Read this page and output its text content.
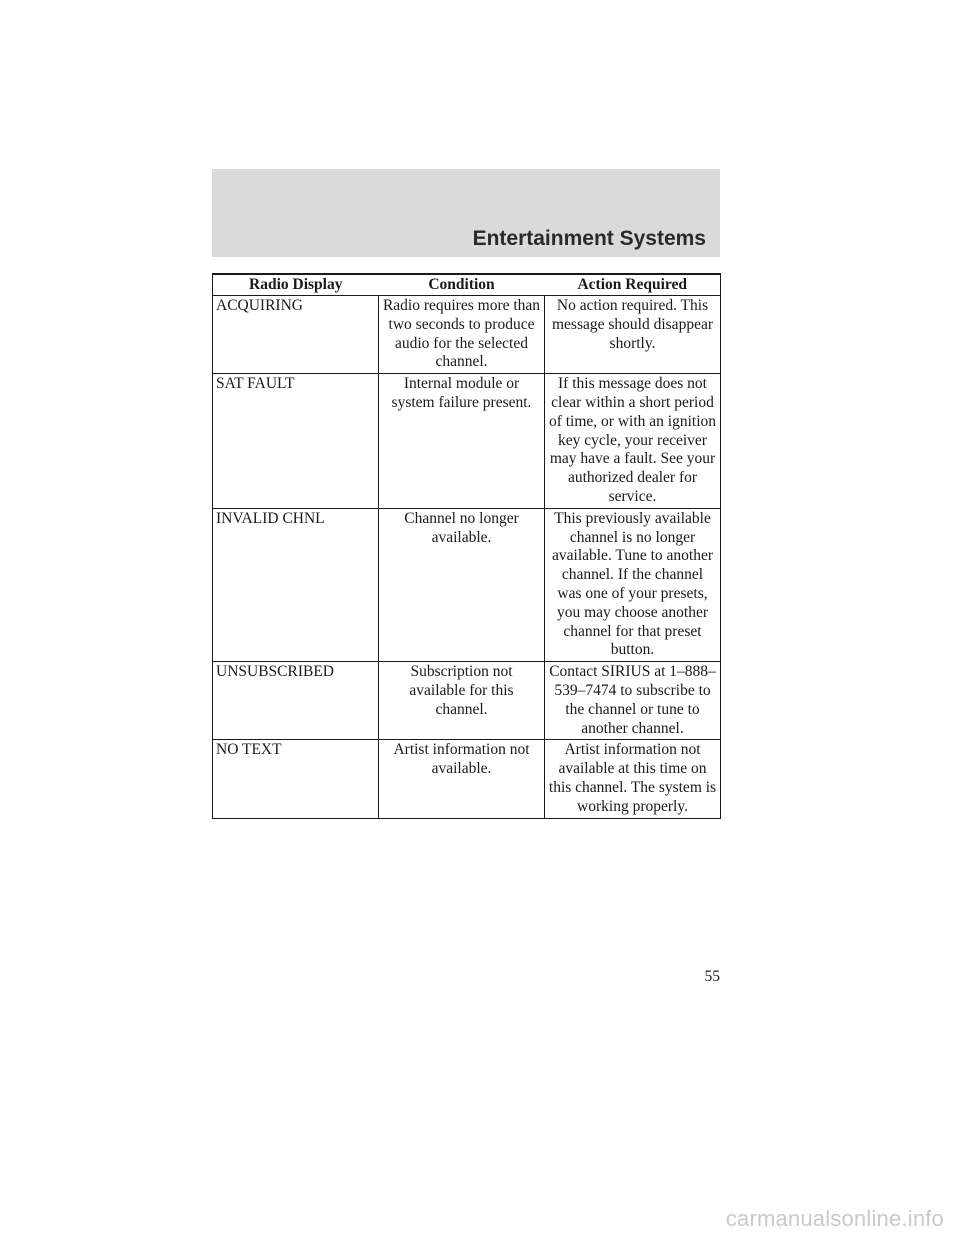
Entertainment Systems
Radio Display	Condition	Action Required
ACQUIRING	Radio requires more than two seconds to produce audio for the selected channel.	No action required. This message should disappear shortly.
SAT FAULT	Internal module or system failure present.	If this message does not clear within a short period of time, or with an ignition key cycle, your receiver may have a fault. See your authorized dealer for service.
INVALID CHNL	Channel no longer available.	This previously available channel is no longer available. Tune to another channel. If the channel was one of your presets, you may choose another channel for that preset button.
UNSUBSCRIBED	Subscription not available for this channel.	Contact SIRIUS at 1–888–539–7474 to subscribe to the channel or tune to another channel.
NO TEXT	Artist information not available.	Artist information not available at this time on this channel. The system is working properly.
55
carmanualsonline.info
